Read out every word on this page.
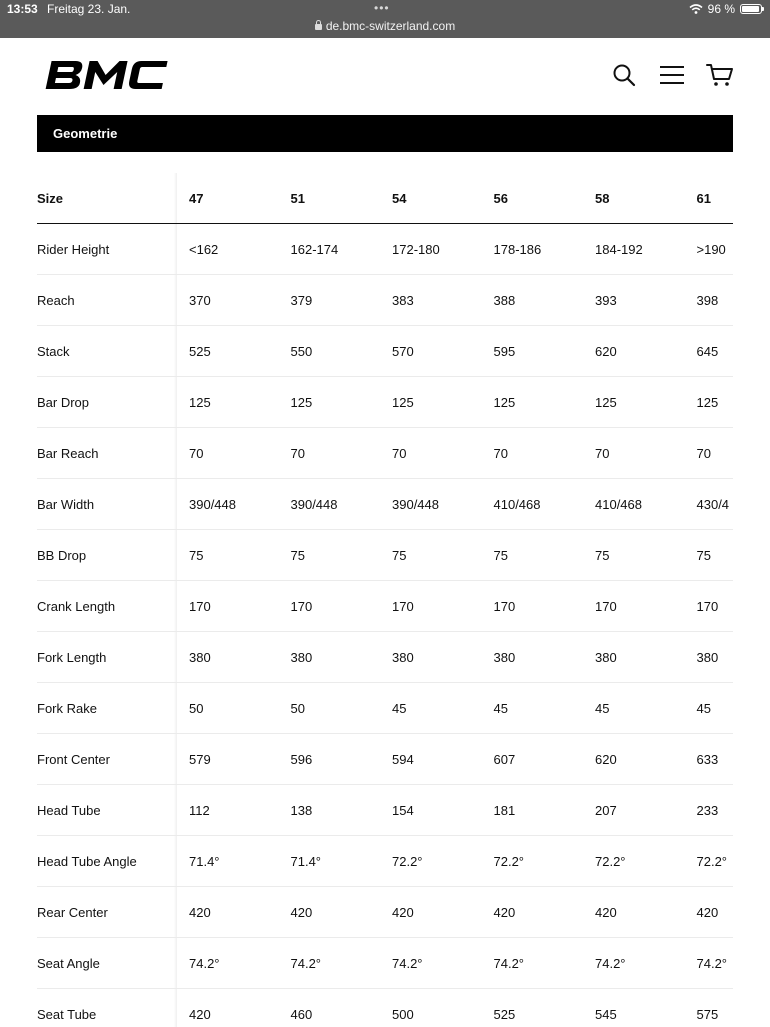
13:53 Freitag 23. Jan.	•••
de.bmc-switzerland.com
96 %
Geometrie
Size	47	51	54	56	58	61
Rider Height	<162	162-174	172-180	178-186	184-192	>190
Reach	370	379	383	388	393	398
Stack	525	550	570	595	620	645
Bar Drop	125	125	125	125	125	125
Bar Reach	70	70	70	70	70	70
Bar Width	390/448	390/448	390/448	410/468	410/468	430/4
BB Drop	75	75	75	75	75	75
Crank Length	170	170	170	170	170	170
Fork Length	380	380	380	380	380	380
Fork Rake	50	50	45	45	45	45
Front Center	579	596	594	607	620	633
Head Tube	112	138	154	181	207	233
Head Tube Angle	71.4°	71.4°	72.2°	72.2°	72.2°	72.2°
Rear Center	420	420	420	420	420	420
Seat Angle	74.2°	74.2°	74.2°	74.2°	74.2°	74.2°
Seat Tube	420	460	500	525	545	575
